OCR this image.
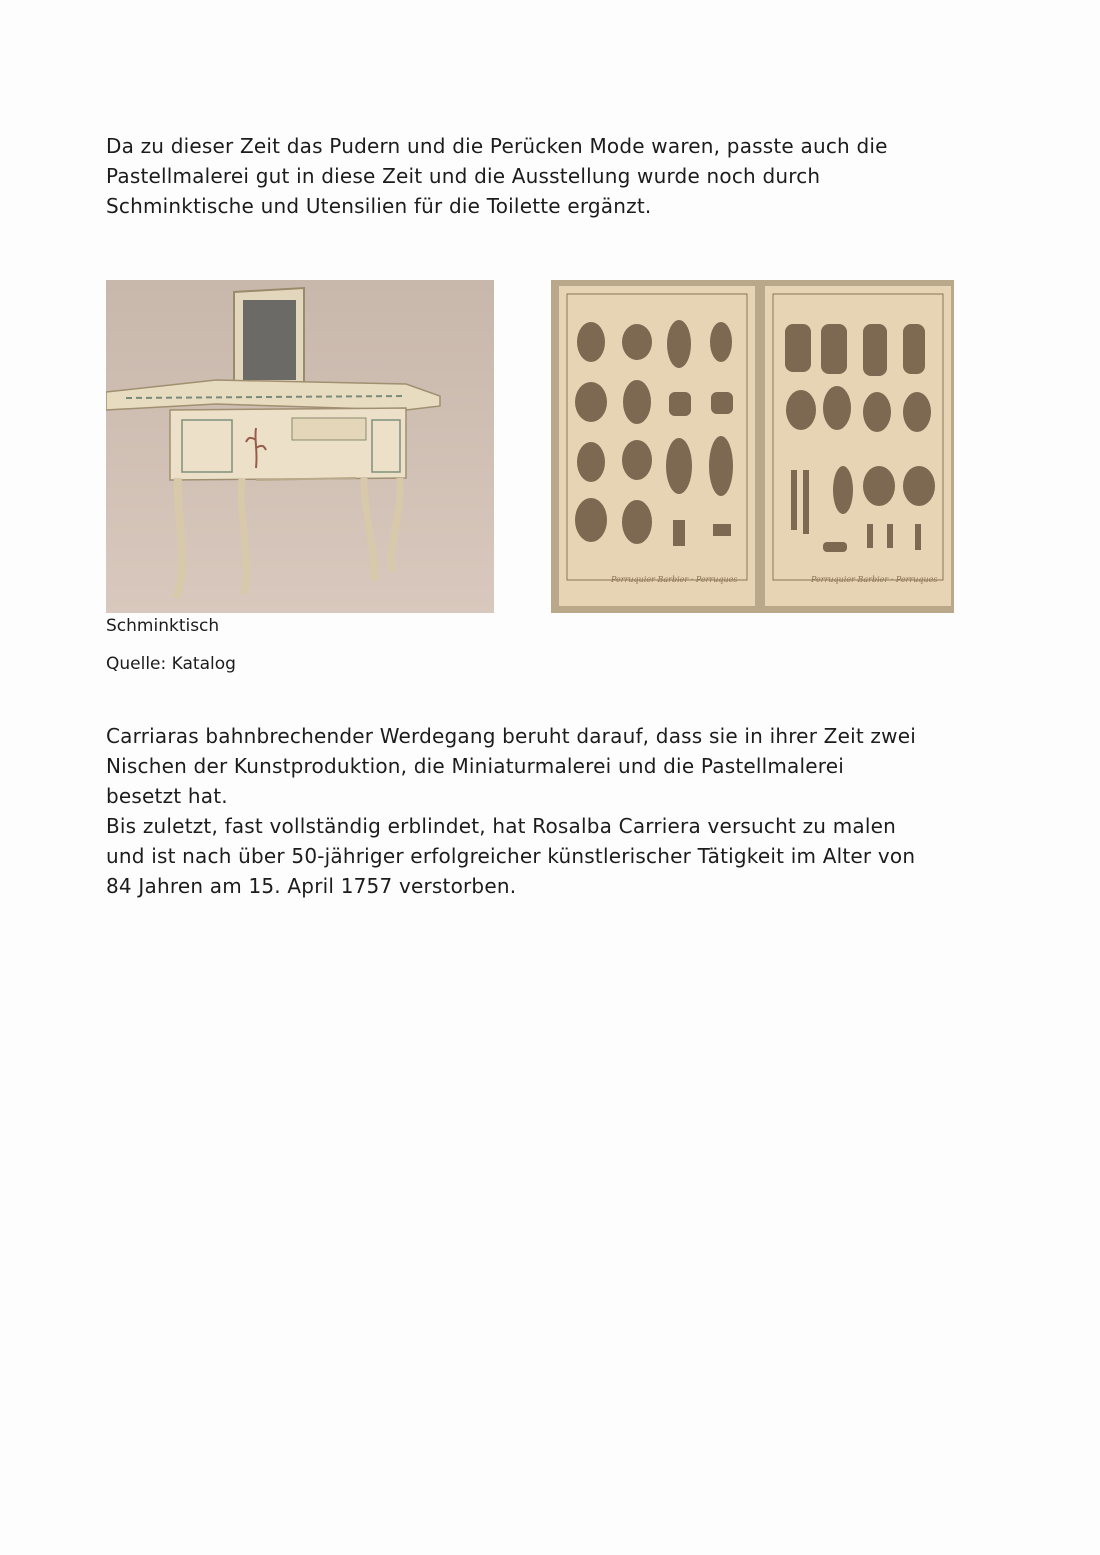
Da zu dieser Zeit das Pudern und die Perücken Mode waren, passte auch die
Pastellmalerei gut in diese Zeit und die Ausstellung wurde noch durch
Schminktische und Utensilien für die Toilette ergänzt.

Perruquier Barbier · Perruques	Perruquier Barbier · Perruques

Schminktisch

Quelle: Katalog

Carriaras bahnbrechender Werdegang beruht darauf, dass sie in ihrer Zeit zwei
Nischen der Kunstproduktion, die Miniaturmalerei und die Pastellmalerei
besetzt hat.
Bis zuletzt, fast vollständig erblindet, hat Rosalba Carriera versucht zu malen
und ist nach über 50-jähriger erfolgreicher künstlerischer Tätigkeit im Alter von
84 Jahren am 15. April 1757 verstorben.
